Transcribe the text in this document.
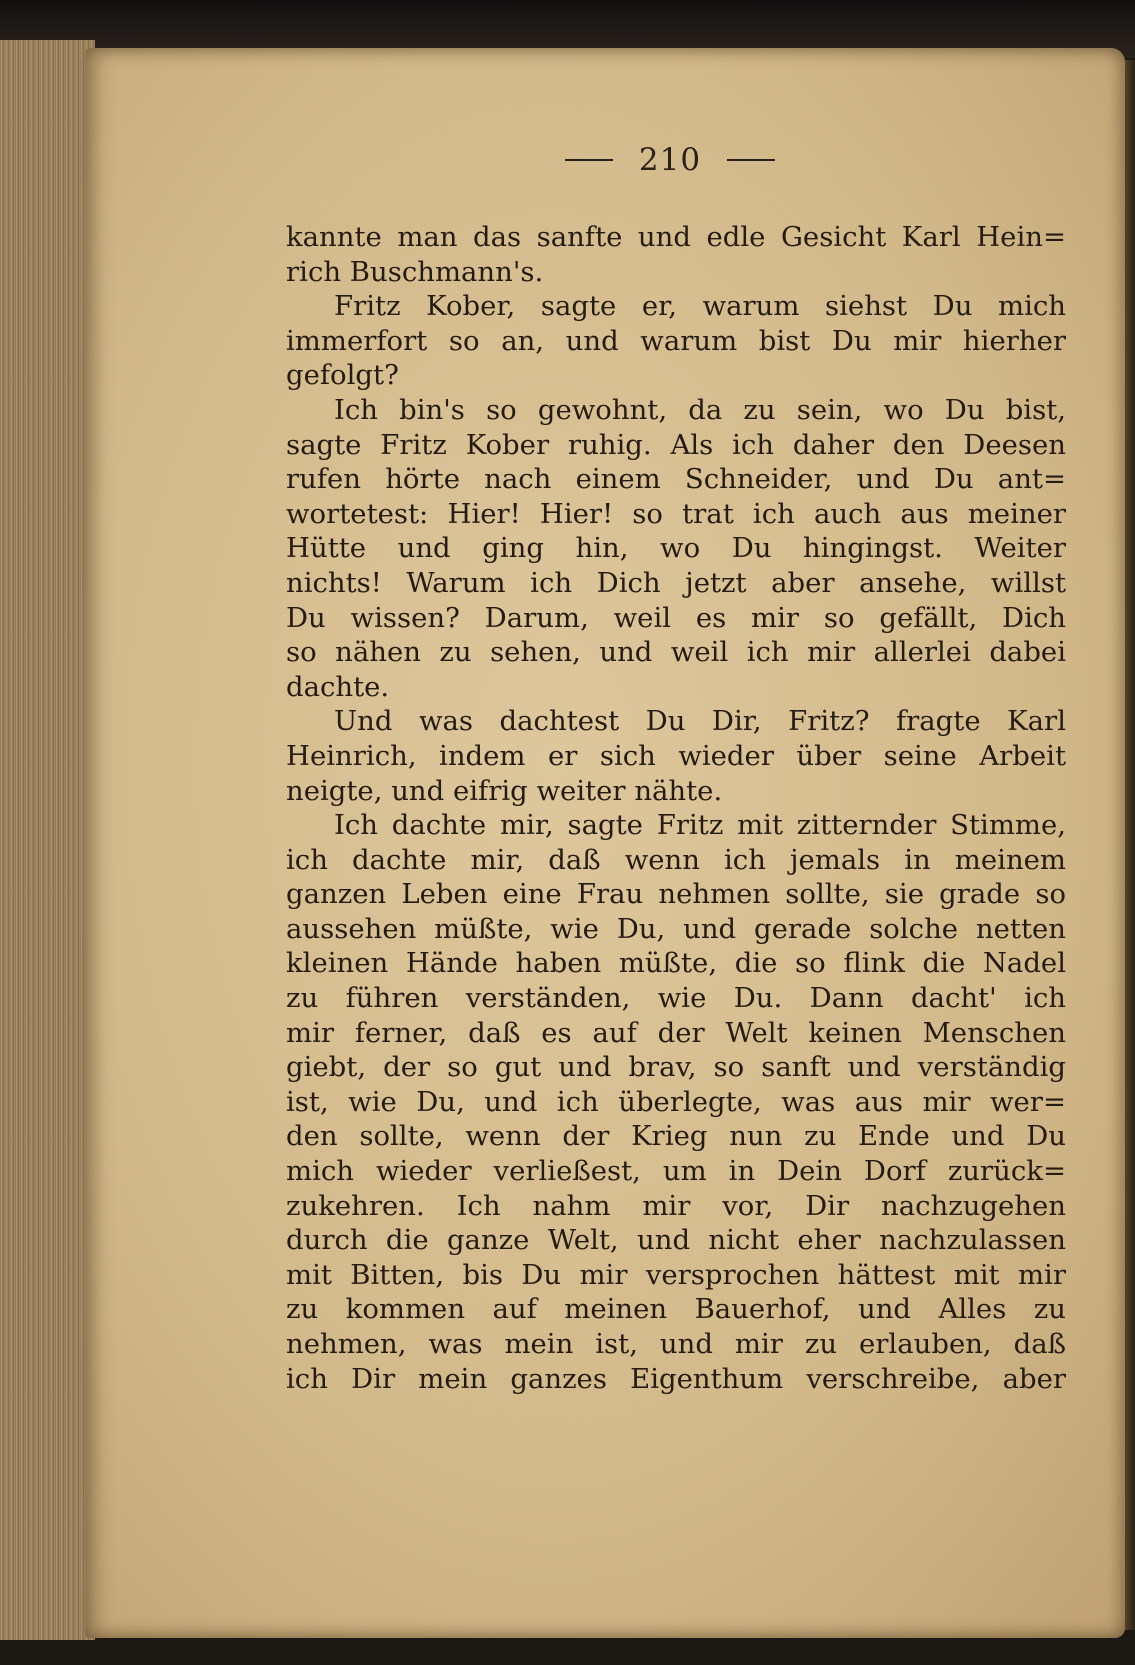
210
kannte man das sanfte und edle Gesicht Karl Hein=
rich Buschmann's.
Fritz Kober, sagte er, warum siehst Du mich
immerfort so an, und warum bist Du mir hierher
gefolgt?
Ich bin's so gewohnt, da zu sein, wo Du bist,
sagte Fritz Kober ruhig. Als ich daher den Deesen
rufen hörte nach einem Schneider, und Du ant=
wortetest: Hier! Hier! so trat ich auch aus meiner
Hütte und ging hin, wo Du hingingst. Weiter
nichts! Warum ich Dich jetzt aber ansehe, willst
Du wissen? Darum, weil es mir so gefällt, Dich
so nähen zu sehen, und weil ich mir allerlei dabei
dachte.
Und was dachtest Du Dir, Fritz? fragte Karl
Heinrich, indem er sich wieder über seine Arbeit
neigte, und eifrig weiter nähte.
Ich dachte mir, sagte Fritz mit zitternder Stimme,
ich dachte mir, daß wenn ich jemals in meinem
ganzen Leben eine Frau nehmen sollte, sie grade so
aussehen müßte, wie Du, und gerade solche netten
kleinen Hände haben müßte, die so flink die Nadel
zu führen verständen, wie Du. Dann dacht' ich
mir ferner, daß es auf der Welt keinen Menschen
giebt, der so gut und brav, so sanft und verständig
ist, wie Du, und ich überlegte, was aus mir wer=
den sollte, wenn der Krieg nun zu Ende und Du
mich wieder verließest, um in Dein Dorf zurück=
zukehren. Ich nahm mir vor, Dir nachzugehen
durch die ganze Welt, und nicht eher nachzulassen
mit Bitten, bis Du mir versprochen hättest mit mir
zu kommen auf meinen Bauerhof, und Alles zu
nehmen, was mein ist, und mir zu erlauben, daß
ich Dir mein ganzes Eigenthum verschreibe, aber
